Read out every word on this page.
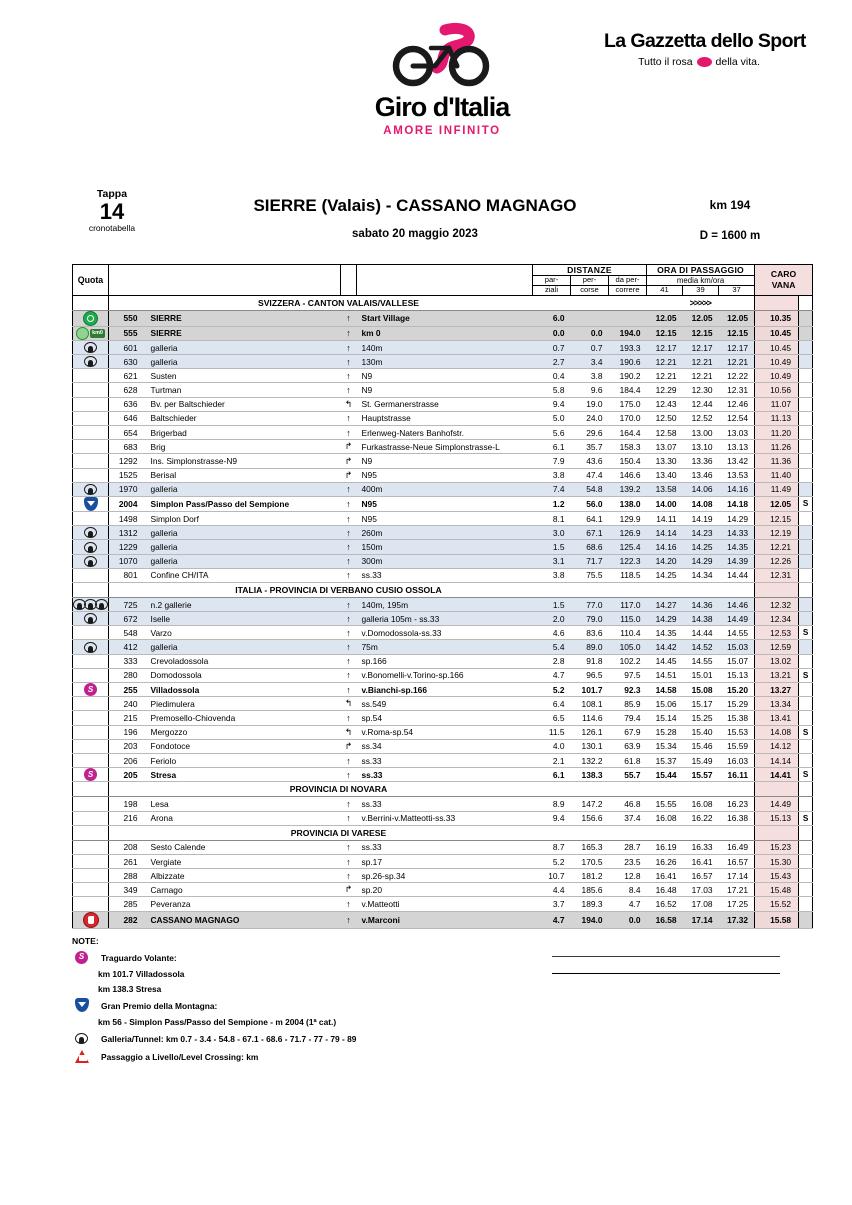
Giro d'Italia
AMORE INFINITO
La Gazzetta dello Sport
Tutto il rosa della vita.
Tappa
14
cronotabella
SIERRE (Valais) - CASSANO MAGNAGO
sabato 20 maggio 2023
km 194
D = 1600 m
Quota					DISTANZE			ORA DI PASSAGGIO			CARO
VANA	

					par-	per-	da per-	media km/ora				
					ziali	corse	correre	41	39	37		

		SVIZZERA - CANTON VALAIS/VALLESE						>>>>>				
	550	SIERRE	↑	Start Village	6.0			12.05	12.05	12.05	10.35	

km0	555	SIERRE	↑	km 0	0.0	0.0	194.0	12.15	12.15	12.15	10.45	
	601	galleria	↑	140m	0.7	0.7	193.3	12.17	12.17	12.17	10.45	
	630	galleria	↑	130m	2.7	3.4	190.6	12.21	12.21	12.21	10.49	
	621	Susten	↑	N9	0.4	3.8	190.2	12.21	12.21	12.22	10.49	
	628	Turtman	↑	N9	5.8	9.6	184.4	12.29	12.30	12.31	10.56	
	636	Bv. per Baltschieder	↰	St. Germanerstrasse	9.4	19.0	175.0	12.43	12.44	12.46	11.07	
	646	Baltschieder	↑	Hauptstrasse	5.0	24.0	170.0	12.50	12.52	12.54	11.13	
	654	Brigerbad	↑	Erlenweg-Naters Banhofstr.	5.6	29.6	164.4	12.58	13.00	13.03	11.20	
	683	Brig	↱	Furkastrasse-Neue Simplonstrasse-L	6.1	35.7	158.3	13.07	13.10	13.13	11.26	
	1292	Ins. Simplonstrasse-N9	↱	N9	7.9	43.6	150.4	13.30	13.36	13.42	11.36	
	1525	Berisal	↱	N95	3.8	47.4	146.6	13.40	13.46	13.53	11.40	
	1970	galleria	↑	400m	7.4	54.8	139.2	13.58	14.06	14.16	11.49	
	2004	Simplon Pass/Passo del Sempione	↑	N95	1.2	56.0	138.0	14.00	14.08	14.18	12.05	S
	1498	Simplon Dorf	↑	N95	8.1	64.1	129.9	14.11	14.19	14.29	12.15	
	1312	galleria	↑	260m	3.0	67.1	126.9	14.14	14.23	14.33	12.19	
	1229	galleria	↑	150m	1.5	68.6	125.4	14.16	14.25	14.35	12.21	
	1070	galleria	↑	300m	3.1	71.7	122.3	14.20	14.29	14.39	12.26	
	801	Confine CH/ITA	↑	ss.33	3.8	75.5	118.5	14.25	14.34	14.44	12.31	

		ITALIA - PROVINCIA DI VERBANO CUSIO OSSOLA										

	725	n.2 gallerie	↑	140m, 195m	1.5	77.0	117.0	14.27	14.36	14.46	12.32	
	672	Iselle	↑	galleria 105m - ss.33	2.0	79.0	115.0	14.29	14.38	14.49	12.34	
	548	Varzo	↑	v.Domodossola-ss.33	4.6	83.6	110.4	14.35	14.44	14.55	12.53	S
	412	galleria	↑	75m	5.4	89.0	105.0	14.42	14.52	15.03	12.59	
	333	Crevoladossola	↑	sp.166	2.8	91.8	102.2	14.45	14.55	15.07	13.02	
	280	Domodossola	↑	v.Bonomelli-v.Torino-sp.166	4.7	96.5	97.5	14.51	15.01	15.13	13.21	S
S	255	Villadossola	↑	v.Bianchi-sp.166	5.2	101.7	92.3	14.58	15.08	15.20	13.27	
	240	Piedimulera	↰	ss.549	6.4	108.1	85.9	15.06	15.17	15.29	13.34	
	215	Premosello-Chiovenda	↑	sp.54	6.5	114.6	79.4	15.14	15.25	15.38	13.41	
	196	Mergozzo	↰	v.Roma-sp.54	11.5	126.1	67.9	15.28	15.40	15.53	14.08	S
	203	Fondotoce	↱	ss.34	4.0	130.1	63.9	15.34	15.46	15.59	14.12	
	206	Feriolo	↑	ss.33	2.1	132.2	61.8	15.37	15.49	16.03	14.14	
S	205	Stresa	↑	ss.33	6.1	138.3	55.7	15.44	15.57	16.11	14.41	S

		PROVINCIA DI NOVARA										

	198	Lesa	↑	ss.33	8.9	147.2	46.8	15.55	16.08	16.23	14.49	
	216	Arona	↑	v.Berrini-v.Matteotti-ss.33	9.4	156.6	37.4	16.08	16.22	16.38	15.13	S

		PROVINCIA DI VARESE										

	208	Sesto Calende	↑	ss.33	8.7	165.3	28.7	16.19	16.33	16.49	15.23	
	261	Vergiate	↑	sp.17	5.2	170.5	23.5	16.26	16.41	16.57	15.30	
	288	Albizzate	↑	sp.26-sp.34	10.7	181.2	12.8	16.41	16.57	17.14	15.43	
	349	Carnago	↱	sp.20	4.4	185.6	8.4	16.48	17.03	17.21	15.48	
	285	Peveranza	↑	v.Matteotti	3.7	189.3	4.7	16.52	17.08	17.25	15.52	
	282	CASSANO MAGNAGO	↑	v.Marconi	4.7	194.0	0.0	16.58	17.14	17.32	15.58	
NOTE:
S	Traguardo Volante:
km 101.7 Villadossola
km 138.3 Stresa
Gran Premio della Montagna:
km 56 - Simplon Pass/Passo del Sempione - m 2004 (1ª cat.)
Galleria/Tunnel: km 0.7 - 3.4 - 54.8 - 67.1 - 68.6 - 71.7 - 77 - 79 - 89
Passaggio a Livello/Level Crossing: km
